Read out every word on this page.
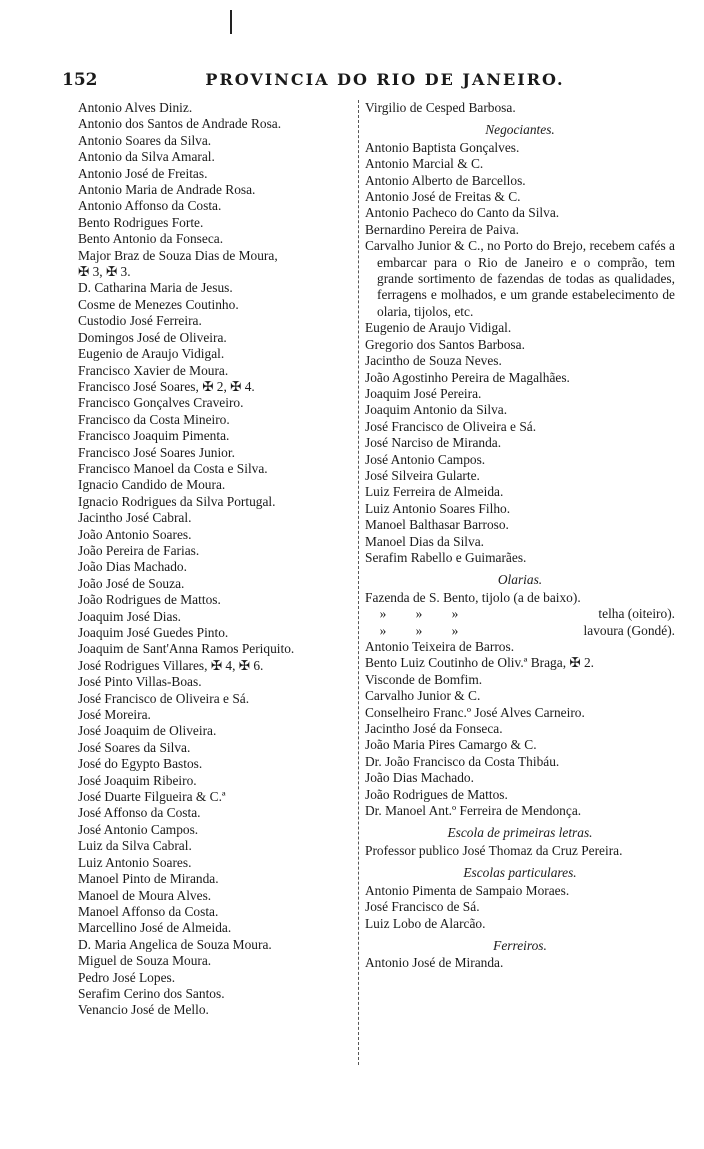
152	PROVINCIA DO RIO DE JANEIRO.
Antonio Alves Diniz.
Antonio dos Santos de Andrade Rosa.
Antonio Soares da Silva.
Antonio da Silva Amaral.
Antonio José de Freitas.
Antonio Maria de Andrade Rosa.
Antonio Affonso da Costa.
Bento Rodrigues Forte.
Bento Antonio da Fonseca.
Major Braz de Souza Dias de Moura,
✠ 3, ✠ 3.
D. Catharina Maria de Jesus.
Cosme de Menezes Coutinho.
Custodio José Ferreira.
Domingos José de Oliveira.
Eugenio de Araujo Vidigal.
Francisco Xavier de Moura.
Francisco José Soares, ✠ 2, ✠ 4.
Francisco Gonçalves Craveiro.
Francisco da Costa Mineiro.
Francisco Joaquim Pimenta.
Francisco José Soares Junior.
Francisco Manoel da Costa e Silva.
Ignacio Candido de Moura.
Ignacio Rodrigues da Silva Portugal.
Jacintho José Cabral.
João Antonio Soares.
João Pereira de Farias.
João Dias Machado.
João José de Souza.
João Rodrigues de Mattos.
Joaquim José Dias.
Joaquim José Guedes Pinto.
Joaquim de Sant'Anna Ramos Periquito.
José Rodrigues Villares, ✠ 4, ✠ 6.
José Pinto Villas-Boas.
José Francisco de Oliveira e Sá.
José Moreira.
José Joaquim de Oliveira.
José Soares da Silva.
José do Egypto Bastos.
José Joaquim Ribeiro.
José Duarte Filgueira & C.ª
José Affonso da Costa.
José Antonio Campos.
Luiz da Silva Cabral.
Luiz Antonio Soares.
Manoel Pinto de Miranda.
Manoel de Moura Alves.
Manoel Affonso da Costa.
Marcellino José de Almeida.
D. Maria Angelica de Souza Moura.
Miguel de Souza Moura.
Pedro José Lopes.
Serafim Cerino dos Santos.
Venancio José de Mello.
Virgilio de Cesped Barbosa.
Negociantes.
Antonio Baptista Gonçalves.
Antonio Marcial & C.
Antonio Alberto de Barcellos.
Antonio José de Freitas & C.
Antonio Pacheco do Canto da Silva.
Bernardino Pereira de Paiva.
Carvalho Junior & C., no Porto do Brejo, recebem cafés a embarcar para o Rio de Janeiro e o comprão, tem grande sortimento de fazendas de todas as qualidades, ferragens e molhados, e um grande estabelecimento de olaria, tijolos, etc.
Eugenio de Araujo Vidigal.
Gregorio dos Santos Barbosa.
Jacintho de Souza Neves.
João Agostinho Pereira de Magalhães.
Joaquim José Pereira.
Joaquim Antonio da Silva.
José Francisco de Oliveira e Sá.
José Narciso de Miranda.
José Antonio Campos.
José Silveira Gularte.
Luiz Ferreira de Almeida.
Luiz Antonio Soares Filho.
Manoel Balthasar Barroso.
Manoel Dias da Silva.
Serafim Rabello e Guimarães.
Olarias.
Fazenda de S. Bento, tijolo (a de baixo).
»	»	»	telha (oiteiro).
»	»	»	lavoura (Gondé).
Antonio Teixeira de Barros.
Bento Luiz Coutinho de Oliv.ª Braga, ✠ 2.
Visconde de Bomfim.
Carvalho Junior & C.
Conselheiro Franc.º José Alves Carneiro.
Jacintho José da Fonseca.
João Maria Pires Camargo & C.
Dr. João Francisco da Costa Thibáu.
João Dias Machado.
João Rodrigues de Mattos.
Dr. Manoel Ant.º Ferreira de Mendonça.
Escola de primeiras letras.
Professor publico José Thomaz da Cruz Pereira.
Escolas particulares.
Antonio Pimenta de Sampaio Moraes.
José Francisco de Sá.
Luiz Lobo de Alarcão.
Ferreiros.
Antonio José de Miranda.
